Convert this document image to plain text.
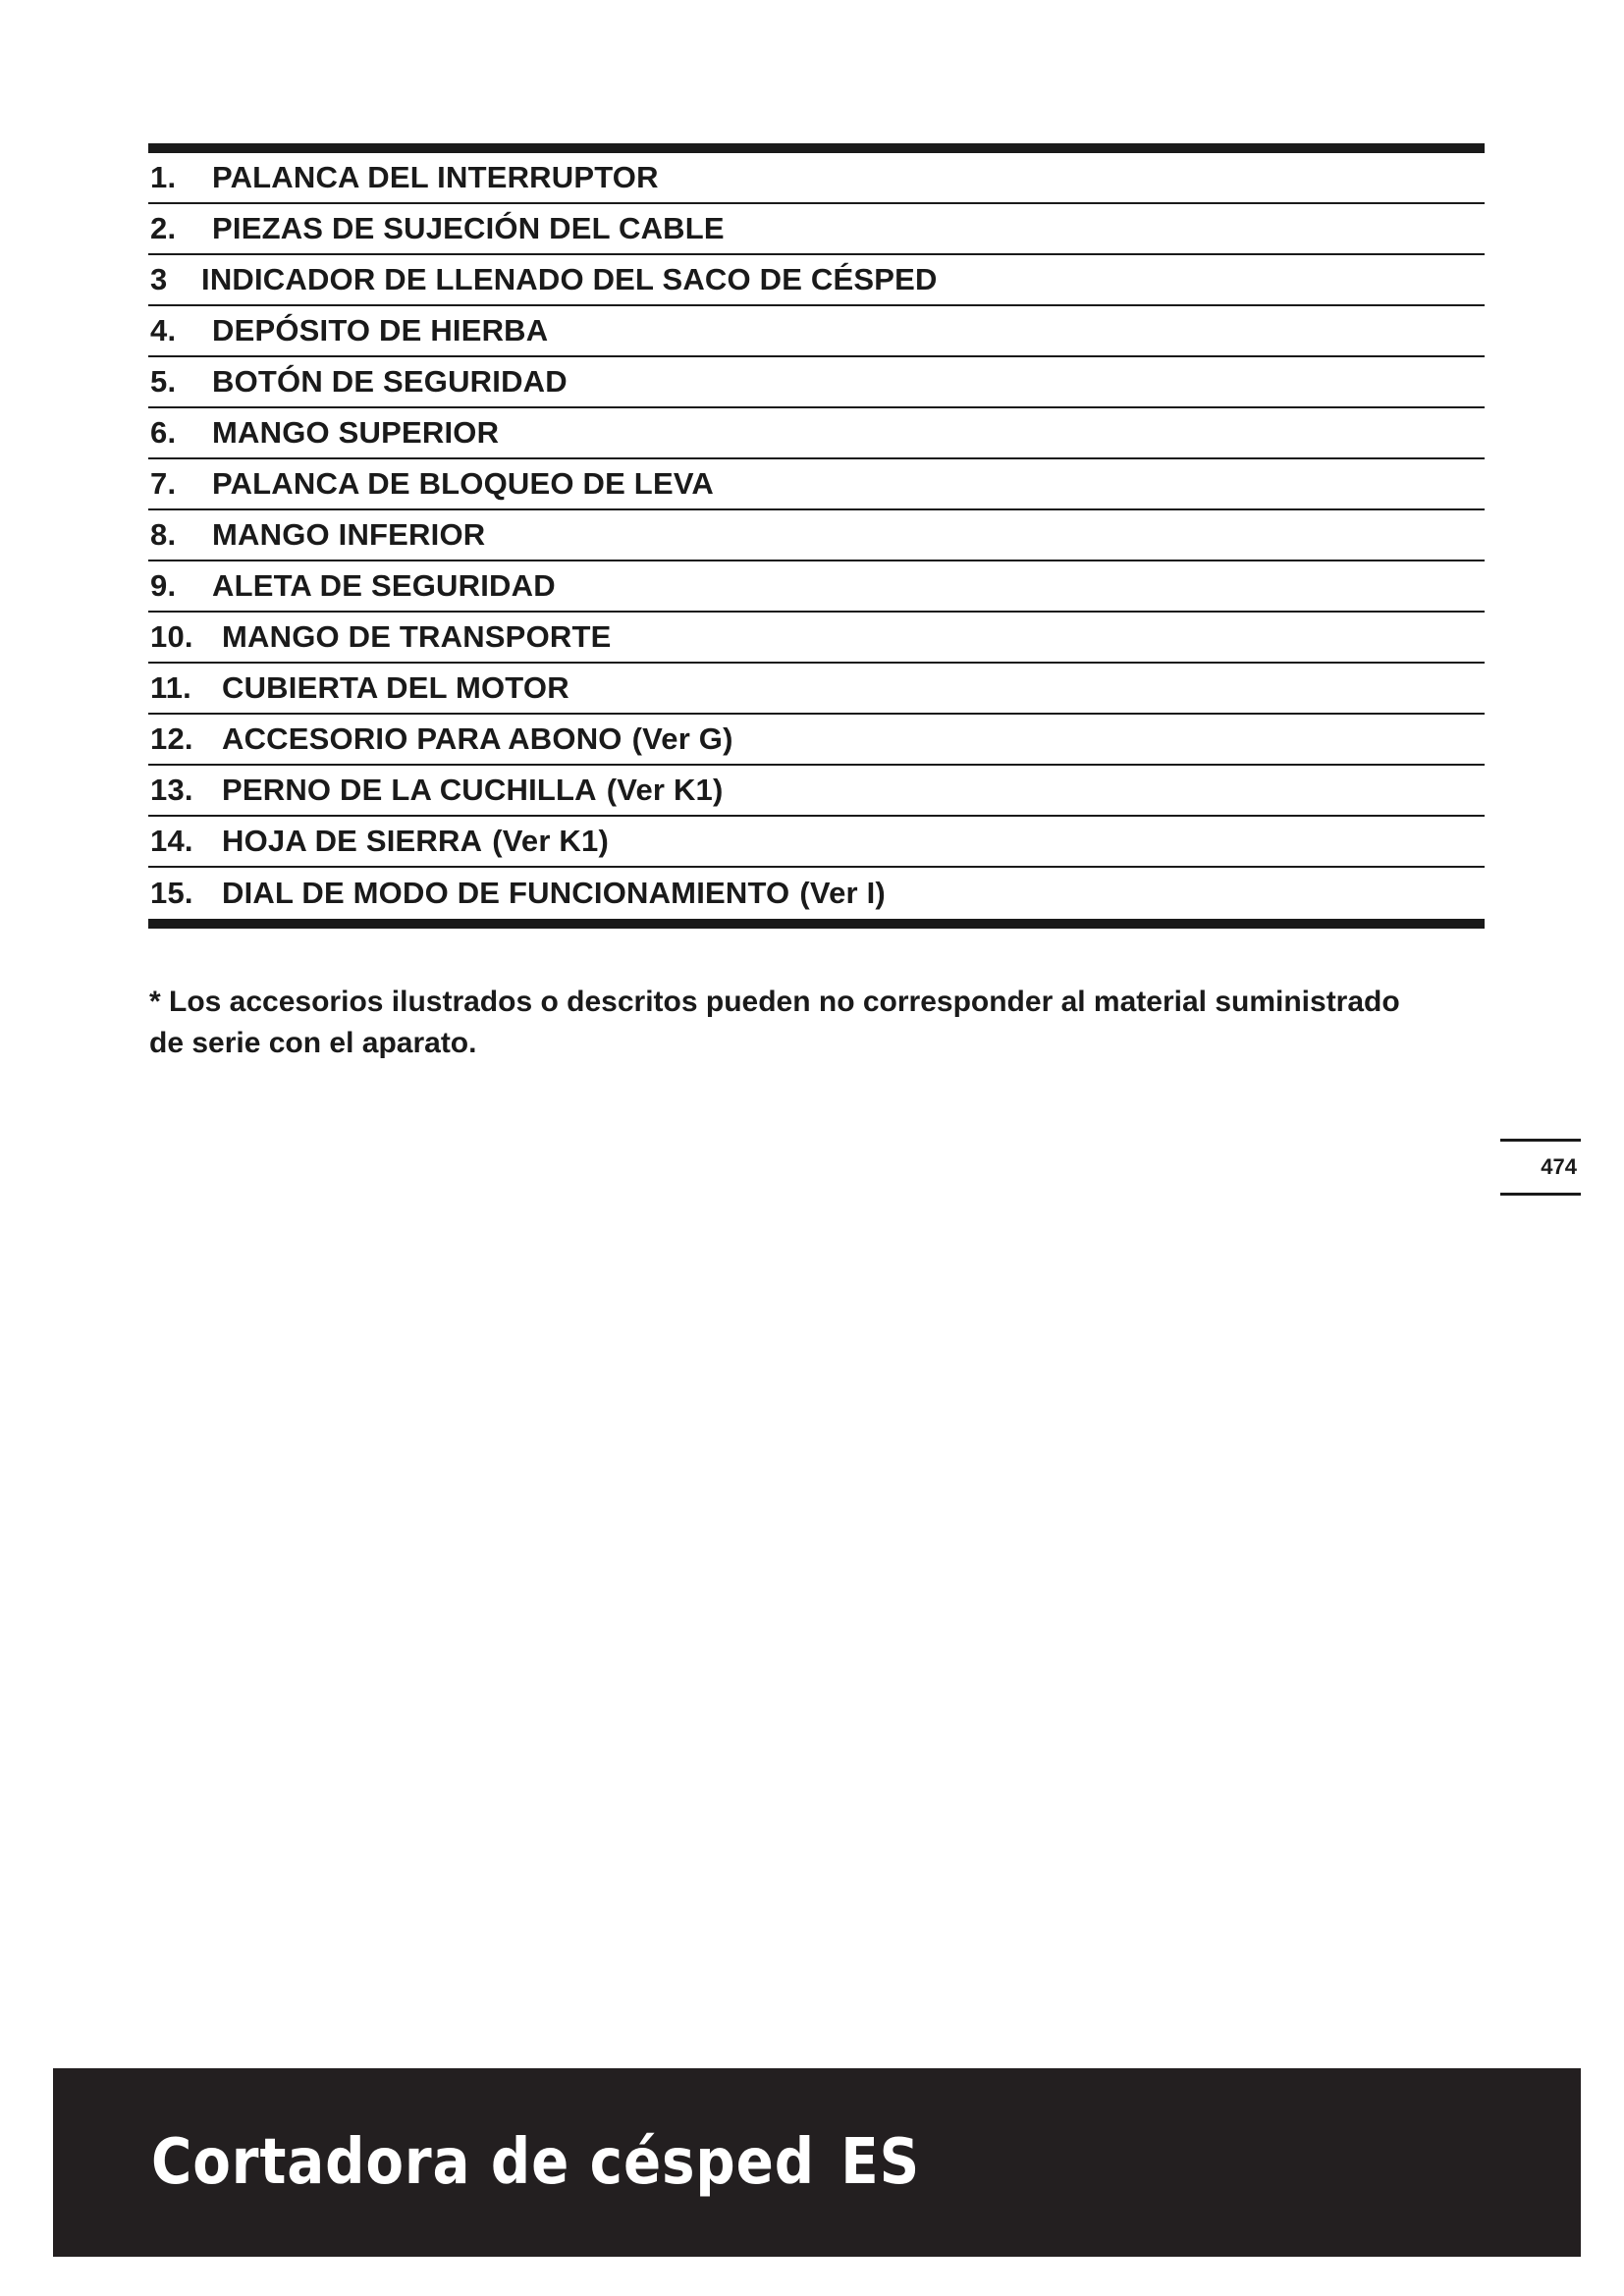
1.	PALANCA DEL INTERRUPTOR
2.	PIEZAS DE SUJECIÓN DEL CABLE
3	INDICADOR DE LLENADO DEL SACO DE CÉSPED
4.	DEPÓSITO DE HIERBA
5.	BOTÓN DE SEGURIDAD
6.	MANGO SUPERIOR
7.	PALANCA DE BLOQUEO DE LEVA
8.	MANGO INFERIOR
9.	ALETA DE SEGURIDAD
10. MANGO DE TRANSPORTE
11.	CUBIERTA DEL MOTOR
12. ACCESORIO PARA ABONO (Ver G)
13. PERNO DE LA CUCHILLA (Ver K1)
14. HOJA DE SIERRA (Ver K1)
15. DIAL DE MODO DE FUNCIONAMIENTO (Ver I)

* Los accesorios ilustrados o descritos pueden no corresponder al material suministrado de serie con el aparato.

474
Cortadora de césped ES
